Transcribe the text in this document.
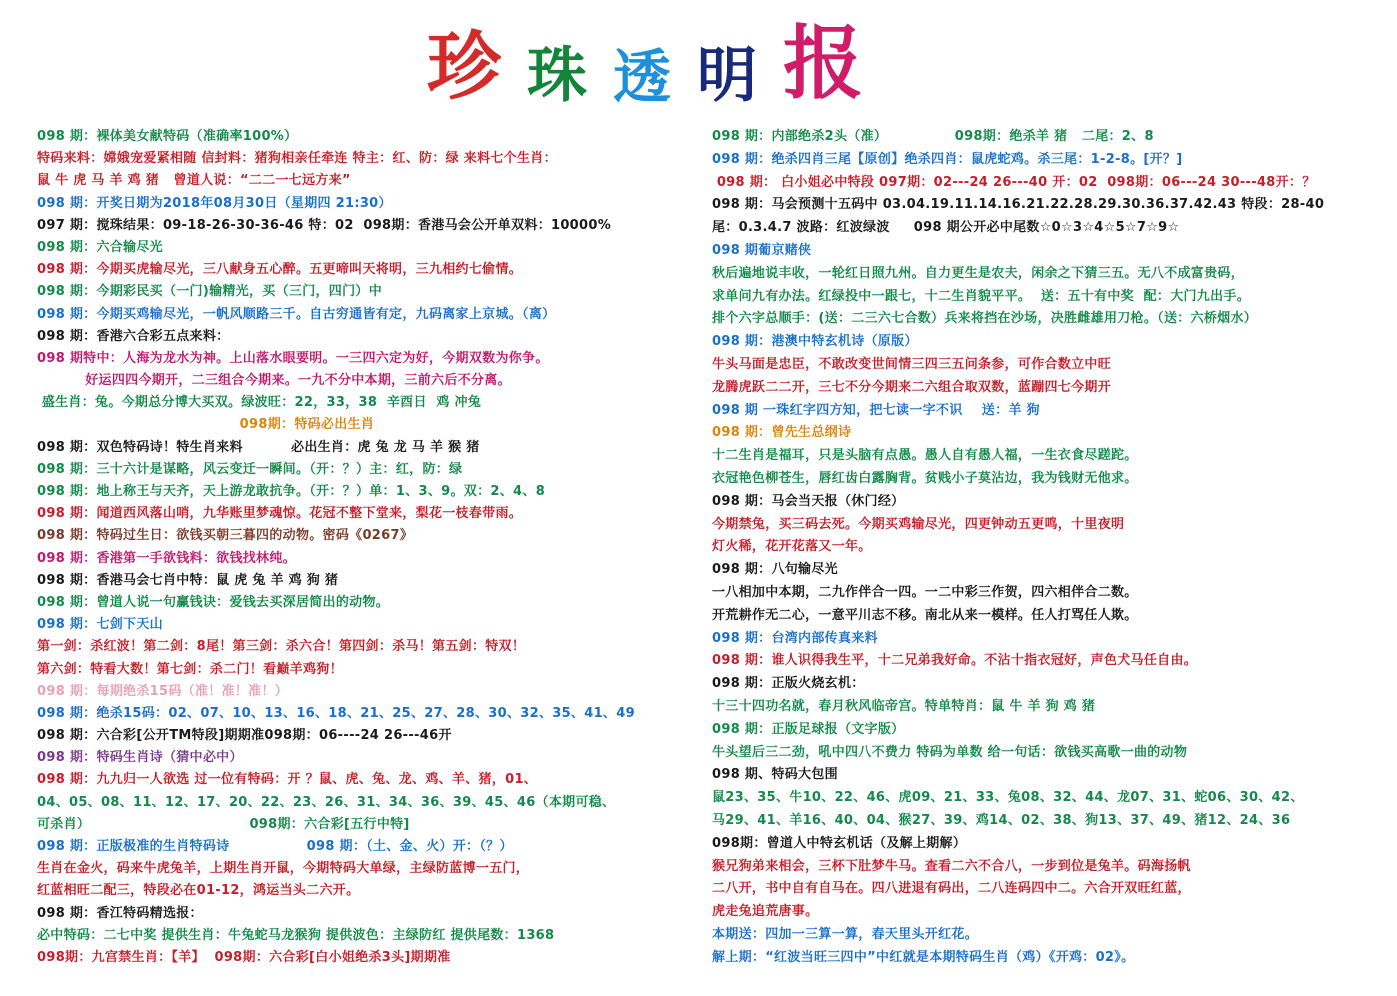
珍 珠 透 明 报
098 期：裸体美女献特码（准确率100%）
特码来料：嫦娥宠爱紧相随 信封料：猪狗相亲任牵连 特主：红、防：绿 来料七个生肖：
鼠 牛 虎 马 羊 鸡 猪   曾道人说：“二二一七远方来”
098 期：开奖日期为2018年08月30日（星期四 21:30）
097 期：搅珠结果：09-18-26-30-36-46 特：02  098期：香港马会公开单双料：10000%
098 期：六合输尽光
098 期：今期买虎输尽光，三八献身五心醉。五更啼叫天将明，三九相约七偷情。
098 期：今期彩民买（一门)输精光，买（三门，四门）中
098 期：今期买鸡输尽光，一帆风顺路三千。自古穷通皆有定，九码离家上京城。（离）
098 期：香港六合彩五点来料：
098 期特中：人海为龙水为神。上山落水眼要明。一三四六定为好，今期双数为你争。
好运四四今期开，二三组合今期来。一九不分中本期，三前六后不分离。
盛生肖：兔。今期总分博大买双。绿波旺：22，33，38  辛酉日  鸡 冲兔
098期：特码必出生肖
098 期：双色特码诗！特生肖来料          必出生肖：虎 兔 龙 马 羊 猴 猪
098 期：三十六计是谋略，风云变迁一瞬间。（开：？）主：红，防：绿
098 期：地上称王与天齐，天上游龙敢抗争。（开：？）单：1、3、9。双：2、4、8
098 期：闻道西风落山哨，九华账里梦魂惊。花冠不整下堂来，梨花一枝春带雨。
098 期：特码过生日：欲钱买朝三暮四的动物。密码《0267》
098 期：香港第一手欲钱料：欲钱找林纯。
098 期：香港马会七肖中特：鼠 虎 兔 羊 鸡 狗 猪
098 期：曾道人说一句赢钱诀：爱钱去买深居简出的动物。
098 期：七剑下天山
第一剑：杀红波！第二剑：8尾！第三剑：杀六合！第四剑：杀马！第五剑：特双！
第六剑：特看大数！第七剑：杀二门！看巅羊鸡狗！
098 期：每期绝杀15码（准！准！准！）
098 期：绝杀15码：02、07、10、13、16、18、21、25、27、28、30、32、35、41、49
098 期：六合彩[公开TM特段]期期准098期：06----24 26---46开
098 期：特码生肖诗（猜中必中）
098 期：九九归一人欲选 过一位有特码：开 ？鼠、虎、兔、龙、鸡、羊、猪，01、
04、05、08、11、12、17、20、22、23、26、31、34、36、39、45、46（本期可稳、
可杀肖）                                 098期：六合彩[五行中特]
098 期：正版极准的生肖特码诗                098 期：（土、金、火）开：（？）
生肖在金火，码来牛虎兔羊，上期生肖开鼠，今期特码大单绿，主绿防蓝博一五门，
红蓝相旺二配三，特段必在01-12，鸿运当头二六开。
098 期：香江特码精选报：
必中特码：二七中奖 提供生肖：牛兔蛇马龙猴狗 提供波色：主绿防红 提供尾数：1368
098期：九宫禁生肖：【羊】  098期：六合彩[白小姐绝杀3头]期期准
098 期：内部绝杀2头（准）              098期：绝杀羊 猪   二尾：2、8
098 期：绝杀四肖三尾【原创】绝杀四肖：鼠虎蛇鸡。杀三尾：1-2-8。[开？]
098 期： 白小姐必中特段 097期：02---24 26---40 开：02  098期：06---24 30---48开：？
098 期：马会预测十五码中 03.04.19.11.14.16.21.22.28.29.30.36.37.42.43 特段：28-40
尾：0.3.4.7 波路：红波绿波     098 期公开必中尾数☆0☆3☆4☆5☆7☆9☆
098 期葡京赌侠
秋后遍地说丰收，一轮红日照九州。自力更生是农夫，闲余之下猜三五。无八不成富贵码，
求单问九有办法。红绿投中一跟七，十二生肖貌平平。  送：五十有中奖  配：大门九出手。
排个六字总顺手：(送：二三六七合数）兵来将挡在沙场，决胜雌雄用刀枪。（送：六桥烟水）
098 期：港澳中特玄机诗（原版）
牛头马面是忠臣，不敢改变世间情三四三五问条参，可作合数立中旺
龙腾虎跃二二开，三七不分今期来二六组合取双数，蓝蹦四七今期开
098 期 一珠红字四方知，把七读一字不识    送：羊 狗
098 期：曾先生总纲诗
十二生肖是福耳，只是头脑有点愚。愚人自有愚人福，一生衣食尽蹉跎。
衣冠艳色柳苍生，唇红齿白露胸背。贫贱小子莫沾边，我为钱财无他求。
098 期：马会当天报（休门经）
今期禁兔，买三码去死。今期买鸡输尽光，四更钟动五更鸣，十里夜明
灯火稀，花开花落又一年。
098 期：八句输尽光
一八相加中本期，二九作伴合一四。一二中彩三作贺，四六相伴合二数。
开荒耕作无二心，一意平川志不移。南北从来一模样。任人打骂任人欺。
098 期：台湾内部传真来料
098 期：谁人识得我生平，十二兄弟我好命。不沾十指衣冠好，声色犬马任自由。
098 期：正版火烧玄机：
十三十四功名就，春月秋风临帝宫。特单特肖：鼠 牛 羊 狗 鸡 猪
098 期：正版足球报（文字版）
牛头望后三二劲，吼中四八不费力 特码为单数 给一句话：欲钱买高歌一曲的动物
098 期、特码大包围
鼠23、35、牛10、22、46、虎09、21、33、兔08、32、44、龙07、31、蛇06、30、42、
马29、41、羊16、40、04、猴27、39、鸡14、02、38、狗13、37、49、猪12、24、36
098期：曾道人中特玄机话（及解上期解）
猴兄狗弟来相会，三杯下肚梦牛马。查看二六不合八，一步到位是兔羊。码海扬帆
二八开，书中自有自马在。四八进退有码出，二八连码四中二。六合开双旺红蓝，
虎走兔追荒唐事。
本期送：四加一三算一算，春天里头开红花。
解上期：“红波当旺三四中”中红就是本期特码生肖（鸡）《开鸡：02》。
